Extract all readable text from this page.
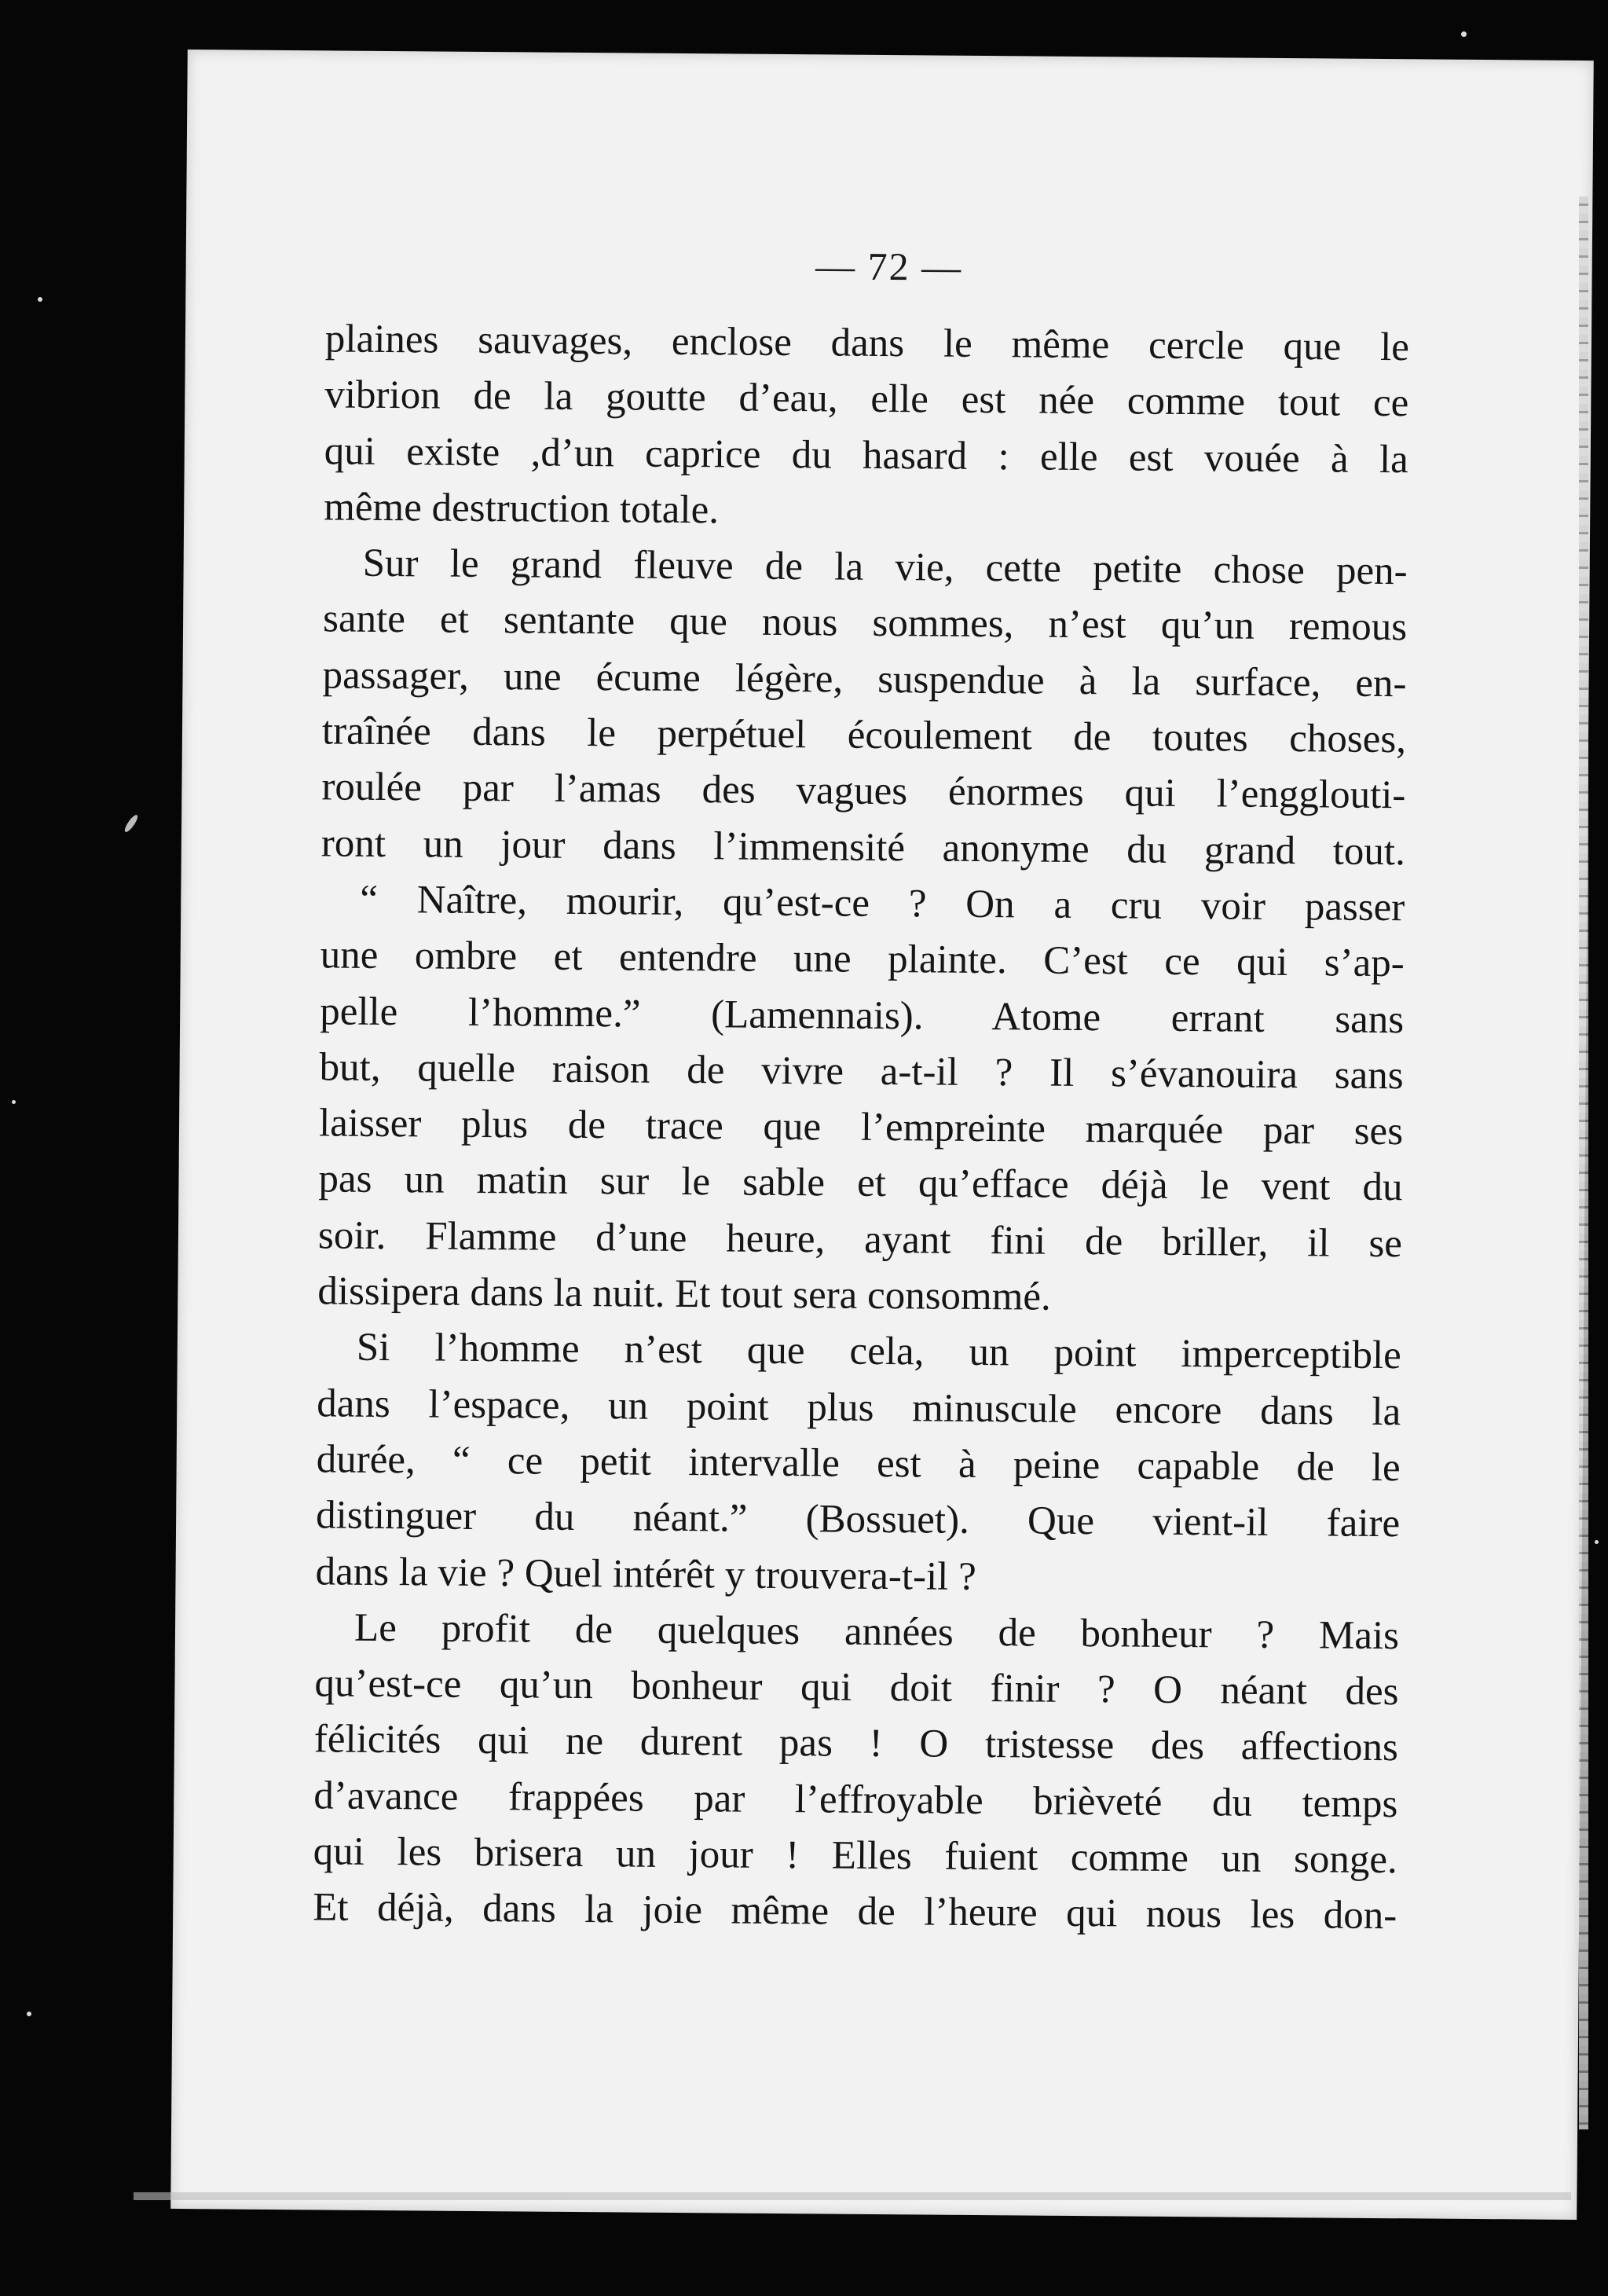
— 72 —
plaines sauvages, enclose dans le même cercle que le
vibrion de la goutte d’eau, elle est née comme tout ce
qui existe ,d’un caprice du hasard : elle est vouée à la
même destruction totale.
Sur le grand fleuve de la vie, cette petite chose pen-
sante et sentante que nous sommes, n’est qu’un remous
passager, une écume légère, suspendue à la surface, en-
traînée dans le perpétuel écoulement de toutes choses,
roulée par l’amas des vagues énormes qui l’engglouti-
ront un jour dans l’immensité anonyme du grand tout.
“ Naître, mourir, qu’est-ce ? On a cru voir passer
une ombre et entendre une plainte. C’est ce qui s’ap-
pelle l’homme.” (Lamennais). Atome errant sans
but, quelle raison de vivre a-t-il ? Il s’évanouira sans
laisser plus de trace que l’empreinte marquée par ses
pas un matin sur le sable et qu’efface déjà le vent du
soir. Flamme d’une heure, ayant fini de briller, il se
dissipera dans la nuit. Et tout sera consommé.
Si l’homme n’est que cela, un point imperceptible
dans l’espace, un point plus minuscule encore dans la
durée, “ ce petit intervalle est à peine capable de le
distinguer du néant.” (Bossuet). Que vient-il faire
dans la vie ? Quel intérêt y trouvera-t-il ?
Le profit de quelques années de bonheur ? Mais
qu’est-ce qu’un bonheur qui doit finir ? O néant des
félicités qui ne durent pas ! O tristesse des affections
d’avance frappées par l’effroyable brièveté du temps
qui les brisera un jour ! Elles fuient comme un songe.
Et déjà, dans la joie même de l’heure qui nous les don-
